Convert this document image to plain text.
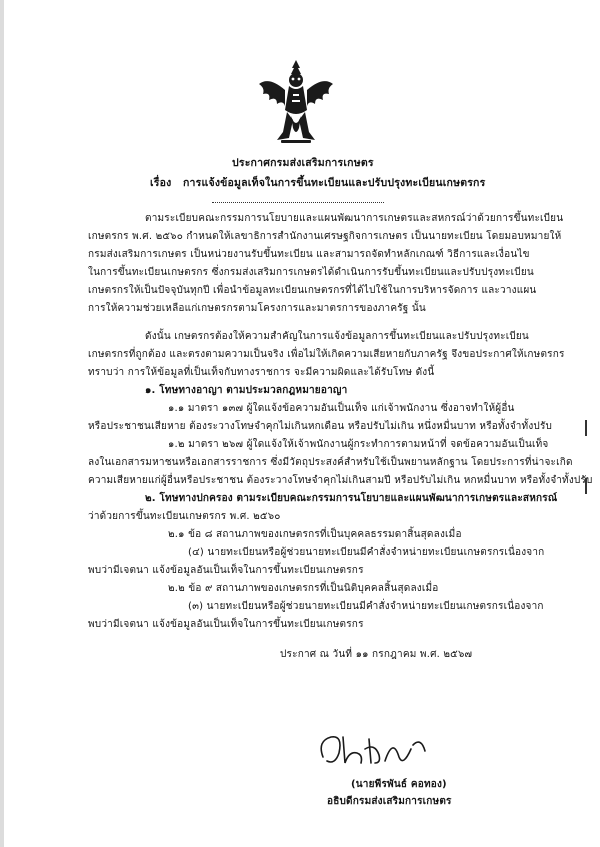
ประกาศกรมส่งเสริมการเกษตร
เรื่อง การแจ้งข้อมูลเท็จในการขึ้นทะเบียนและปรับปรุงทะเบียนเกษตรกร
ตามระเบียบคณะกรรมการนโยบายและแผนพัฒนาการเกษตรและสหกรณ์ว่าด้วยการขึ้นทะเบียน
เกษตรกร พ.ศ. ๒๕๖๐ กำหนดให้เลขาธิการสำนักงานเศรษฐกิจการเกษตร เป็นนายทะเบียน โดยมอบหมายให้
กรมส่งเสริมการเกษตร เป็นหน่วยงานรับขึ้นทะเบียน และสามารถจัดทำหลักเกณฑ์ วิธีการและเงื่อนไข
ในการขึ้นทะเบียนเกษตรกร ซึ่งกรมส่งเสริมการเกษตรได้ดำเนินการรับขึ้นทะเบียนและปรับปรุงทะเบียน
เกษตรกรให้เป็นปัจจุบันทุกปี เพื่อนำข้อมูลทะเบียนเกษตรกรที่ได้ไปใช้ในการบริหารจัดการ และวางแผน
การให้ความช่วยเหลือแก่เกษตรกรตามโครงการและมาตรการของภาครัฐ นั้น
ดังนั้น เกษตรกรต้องให้ความสำคัญในการแจ้งข้อมูลการขึ้นทะเบียนและปรับปรุงทะเบียน
เกษตรกรที่ถูกต้อง และตรงตามความเป็นจริง เพื่อไม่ให้เกิดความเสียหายกับภาครัฐ จึงขอประกาศให้เกษตรกร
ทราบว่า การให้ข้อมูลที่เป็นเท็จกับทางราชการ จะมีความผิดและได้รับโทษ ดังนี้
๑. โทษทางอาญา ตามประมวลกฎหมายอาญา
๑.๑ มาตรา ๑๓๗ ผู้ใดแจ้งข้อความอันเป็นเท็จ แก่เจ้าพนักงาน ซึ่งอาจทำให้ผู้อื่น
หรือประชาชนเสียหาย ต้องระวางโทษจำคุกไม่เกินหกเดือน หรือปรับไม่เกิน หนึ่งหมื่นบาท หรือทั้งจำทั้งปรับ
๑.๒ มาตรา ๒๖๗ ผู้ใดแจ้งให้เจ้าพนักงานผู้กระทำการตามหน้าที่ จดข้อความอันเป็นเท็จ
ลงในเอกสารมหาชนหรือเอกสารราชการ ซึ่งมีวัตถุประสงค์สำหรับใช้เป็นพยานหลักฐาน โดยประการที่น่าจะเกิด
ความเสียหายแก่ผู้อื่นหรือประชาชน ต้องระวางโทษจำคุกไม่เกินสามปี หรือปรับไม่เกิน หกหมื่นบาท หรือทั้งจำทั้งปรับ
๒. โทษทางปกครอง ตามระเบียบคณะกรรมการนโยบายและแผนพัฒนาการเกษตรและสหกรณ์
ว่าด้วยการขึ้นทะเบียนเกษตรกร พ.ศ. ๒๕๖๐
๒.๑ ข้อ ๘ สถานภาพของเกษตรกรที่เป็นบุคคลธรรมดาสิ้นสุดลงเมื่อ
(๔) นายทะเบียนหรือผู้ช่วยนายทะเบียนมีคำสั่งจำหน่ายทะเบียนเกษตรกรเนื่องจาก
พบว่ามีเจตนา แจ้งข้อมูลอันเป็นเท็จในการขึ้นทะเบียนเกษตรกร
๒.๒ ข้อ ๙ สถานภาพของเกษตรกรที่เป็นนิติบุคคลสิ้นสุดลงเมื่อ
(๓) นายทะเบียนหรือผู้ช่วยนายทะเบียนมีคำสั่งจำหน่ายทะเบียนเกษตรกรเนื่องจาก
พบว่ามีเจตนา แจ้งข้อมูลอันเป็นเท็จในการขึ้นทะเบียนเกษตรกร
ประกาศ ณ วันที่ ๑๑ กรกฎาคม พ.ศ. ๒๕๖๗
(นายพีรพันธ์ คอทอง)
อธิบดีกรมส่งเสริมการเกษตร
